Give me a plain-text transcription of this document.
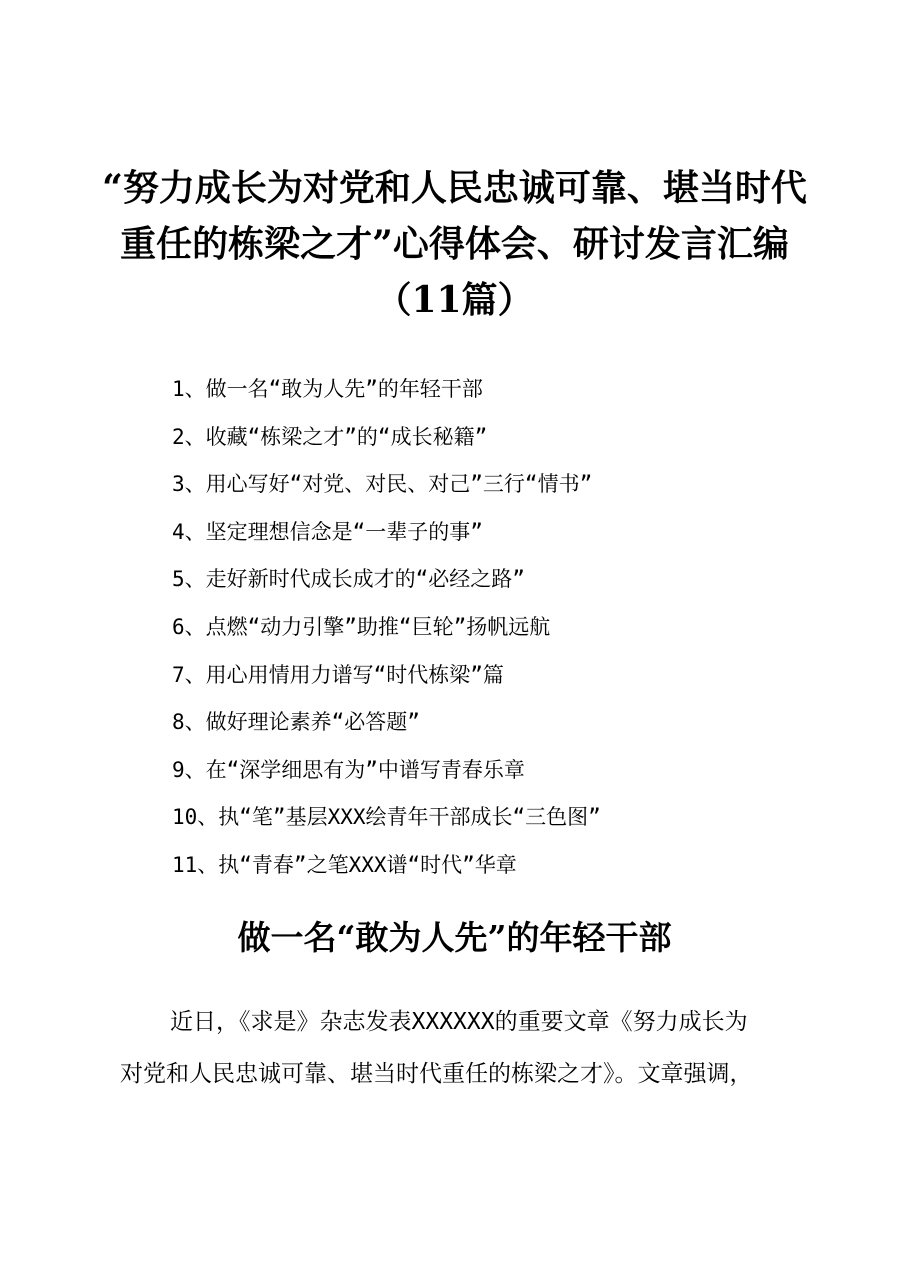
“努力成长为对党和人民忠诚可靠、堪当时代
重任的栋梁之才”心得体会、研讨发言汇编
（11篇）
1、做一名“敢为人先”的年轻干部
2、收藏“栋梁之才”的“成长秘籍”
3、用心写好“对党、对民、对己”三行“情书”
4、坚定理想信念是“一辈子的事”
5、走好新时代成长成才的“必经之路”
6、点燃“动力引擎”助推“巨轮”扬帆远航
7、用心用情用力谱写“时代栋梁”篇
8、做好理论素养“必答题”
9、在“深学细思有为”中谱写青春乐章
10、执“笔”基层XXX绘青年干部成长“三色图”
11、执“青春”之笔XXX谱“时代”华章
做一名“敢为人先”的年轻干部
近日，《求是》杂志发表XXXXXX的重要文章《努力成长为
对党和人民忠诚可靠、堪当时代重任的栋梁之才》。文章强调，
